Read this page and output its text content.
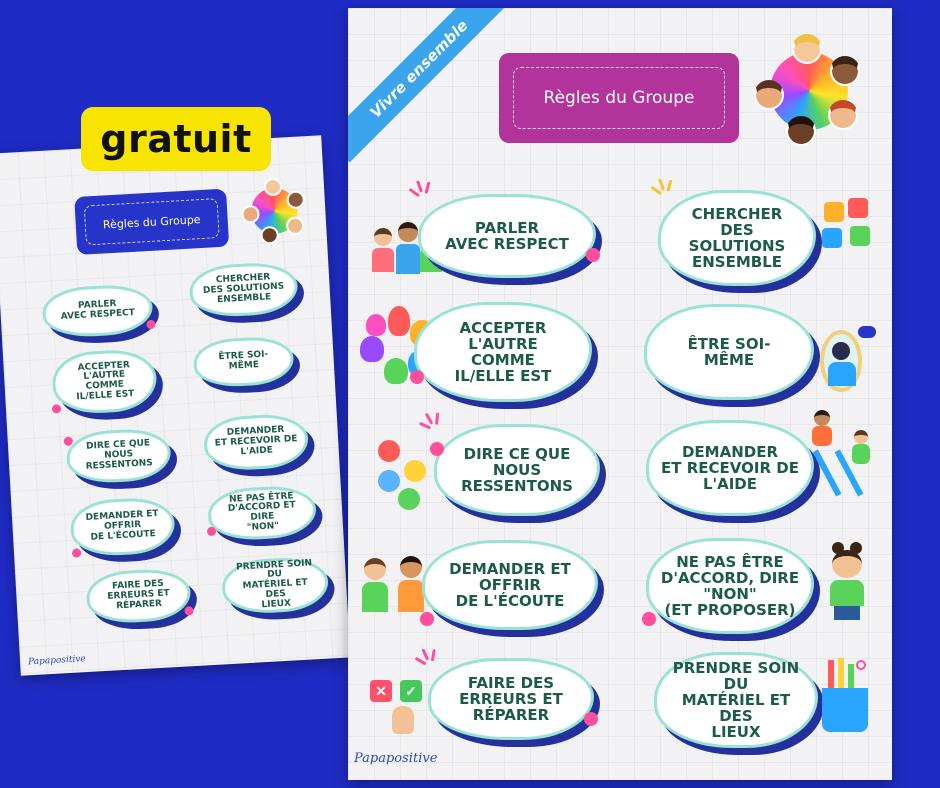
gratuit
Règles du Groupe
PARLER
AVEC RESPECT
ACCEPTER
L'AUTRE
COMME
IL/ELLE EST
DIRE CE QUE
NOUS
RESSENTONS
DEMANDER ET
OFFRIR
DE L'ÉCOUTE
FAIRE DES
ERREURS ET
RÉPARER
CHERCHER
DES SOLUTIONS
ENSEMBLE
ÊTRE SOI-
MÊME
DEMANDER
ET RECEVOIR DE
L'AIDE
NE PAS ÊTRE
D'ACCORD ET DIRE
"NON"
PRENDRE SOIN DU
MATÉRIEL ET DES
LIEUX
Papapositive
Vivre ensemble	Règles du Groupe
PARLER
AVEC RESPECT
ACCEPTER
L'AUTRE
COMME
IL/ELLE EST
DIRE CE QUE
NOUS
RESSENTONS
DEMANDER ET
OFFRIR
DE L'ÉCOUTE
✕	✓	FAIRE DES
ERREURS ET
RÉPARER
CHERCHER
DES SOLUTIONS
ENSEMBLE
ÊTRE SOI-
MÊME
DEMANDER
ET RECEVOIR DE
L'AIDE
NE PAS ÊTRE
D'ACCORD, DIRE
"NON"
(ET PROPOSER)
PRENDRE SOIN DU
MATÉRIEL ET DES
LIEUX
Papapositive
